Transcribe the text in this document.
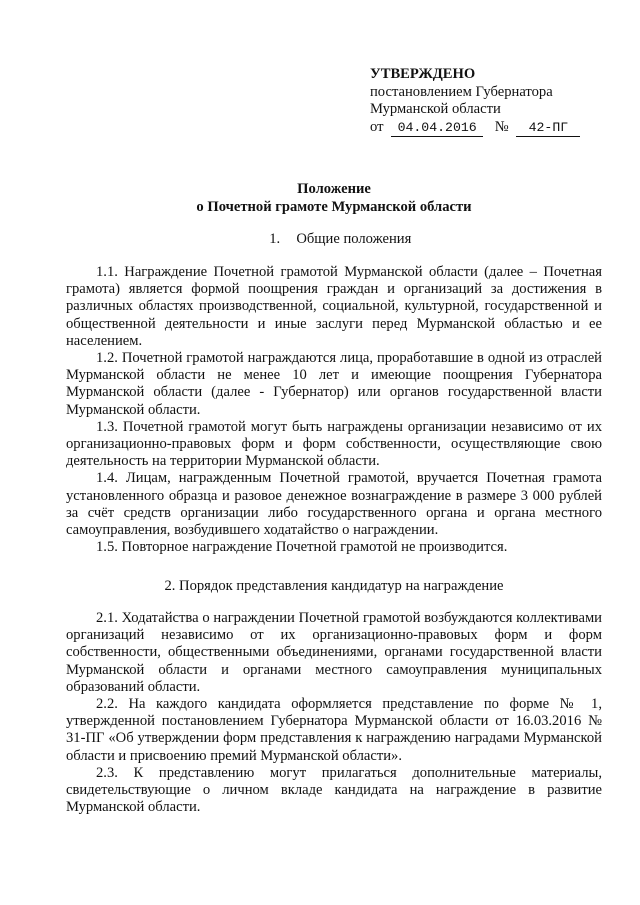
УТВЕРЖДЕНО
постановлением Губернатора
Мурманской области
от 04.04.2016 № 42-ПГ
Положение
о Почетной грамоте Мурманской области
1. Общие положения

1.1. Награждение Почетной грамотой Мурманской области (далее – Почетная грамота) является формой поощрения граждан и организаций за достижения в различных областях производственной, социальной, культурной, государственной и общественной деятельности и иные заслуги перед Мурманской областью и ее населением.

1.2. Почетной грамотой награждаются лица, проработавшие в одной из отраслей Мурманской области не менее 10 лет и имеющие поощрения Губернатора Мурманской области (далее - Губернатор) или органов государственной власти Мурманской области.

1.3. Почетной грамотой могут быть награждены организации независимо от их организационно-правовых форм и форм собственности, осуществляющие свою деятельность на территории Мурманской области.

1.4. Лицам, награжденным Почетной грамотой, вручается Почетная грамота установленного образца и разовое денежное вознаграждение в размере 3 000 рублей за счёт средств организации либо государственного органа и органа местного самоуправления, возбудившего ходатайство о награждении.

1.5. Повторное награждение Почетной грамотой не производится.

2. Порядок представления кандидатур на награждение

2.1. Ходатайства о награждении Почетной грамотой возбуждаются коллективами организаций независимо от их организационно-правовых форм и форм собственности, общественными объединениями, органами государственной власти Мурманской области и органами местного самоуправления муниципальных образований области.

2.2. На каждого кандидата оформляется представление по форме № 1, утвержденной постановлением Губернатора Мурманской области от 16.03.2016 № 31-ПГ «Об утверждении форм представления к награждению наградами Мурманской области и присвоению премий Мурманской области».

2.3. К представлению могут прилагаться дополнительные материалы, свидетельствующие о личном вкладе кандидата на награждение в развитие Мурманской области.
